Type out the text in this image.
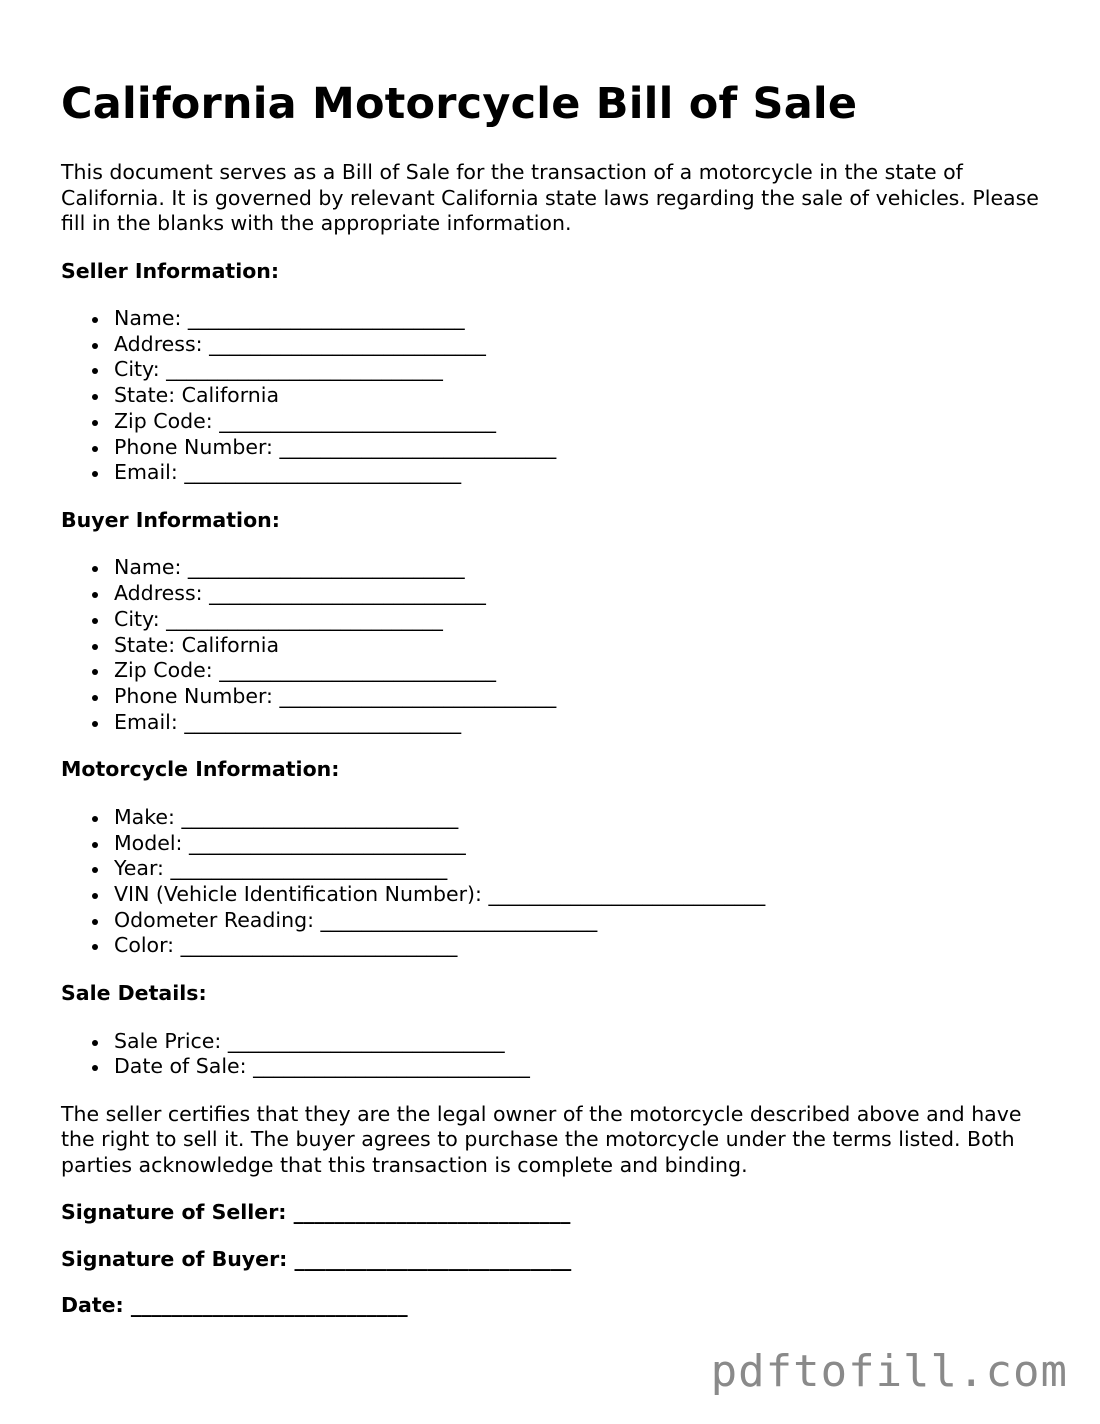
California Motorcycle Bill of Sale

This document serves as a Bill of Sale for the transaction of a motorcycle in the state of California. It is governed by relevant California state laws regarding the sale of vehicles. Please fill in the blanks with the appropriate information.

Seller Information:
Name: ___________________________
Address: ___________________________
City: ___________________________
State: California
Zip Code: ___________________________
Phone Number: ___________________________
Email: ___________________________
Buyer Information:
Name: ___________________________
Address: ___________________________
City: ___________________________
State: California
Zip Code: ___________________________
Phone Number: ___________________________
Email: ___________________________
Motorcycle Information:
Make: ___________________________
Model: ___________________________
Year: ___________________________
VIN (Vehicle Identification Number): ___________________________
Odometer Reading: ___________________________
Color: ___________________________
Sale Details:
Sale Price: ___________________________
Date of Sale: ___________________________

The seller certifies that they are the legal owner of the motorcycle described above and have the right to sell it. The buyer agrees to purchase the motorcycle under the terms listed. Both parties acknowledge that this transaction is complete and binding.

Signature of Seller: ___________________________
Signature of Buyer: ___________________________
Date: ___________________________
pdftofill.com
